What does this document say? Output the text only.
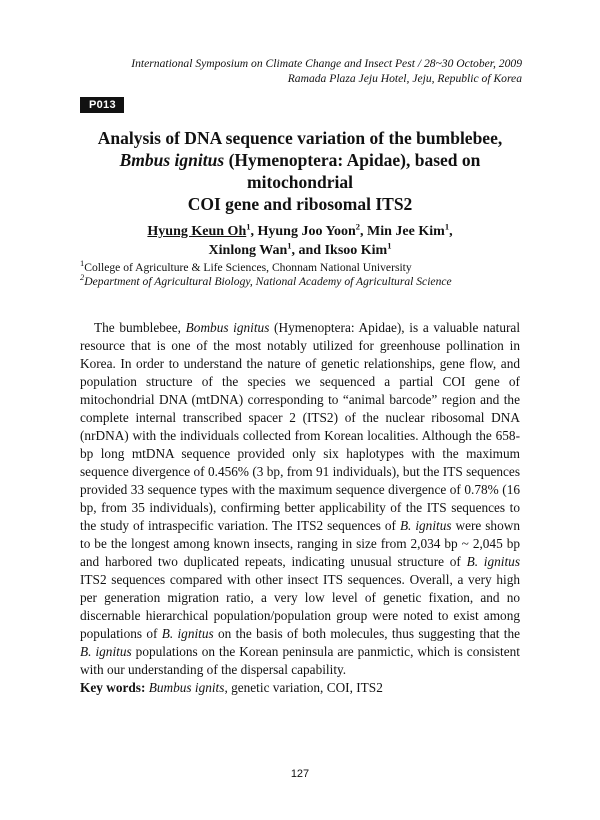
International Symposium on Climate Change and Insect Pest / 28~30 October, 2009
Ramada Plaza Jeju Hotel, Jeju, Republic of Korea
P013
Analysis of DNA sequence variation of the bumblebee,
Bmbus ignitus (Hymenoptera: Apidae), based on mitochondrial
COI gene and ribosomal ITS2
Hyung Keun Oh$^1$, Hyung Joo Yoon$^2$, Min Jee Kim$^1$,
Xinlong Wan$^1$, and Iksoo Kim$^1$
$^1$College of Agriculture & Life Sciences, Chonnam National University
$^2$Department of Agricultural Biology, National Academy of Agricultural Science

The bumblebee, Bombus ignitus (Hymenoptera: Apidae), is a valuable natural resource that is one of the most notably utilized for greenhouse pollination in Korea. In order to understand the nature of genetic relationships, gene flow, and population structure of the species we sequenced a partial COI gene of mitochondrial DNA (mtDNA) corresponding to “animal barcode” region and the complete internal transcribed spacer 2 (ITS2) of the nuclear ribosomal DNA (nrDNA) with the individuals collected from Korean localities. Although the 658-bp long mtDNA sequence provided only six haplotypes with the maximum sequence divergence of 0.456% (3 bp, from 91 individuals), but the ITS sequences provided 33 sequence types with the maximum sequence divergence of 0.78% (16 bp, from 35 individuals), confirming better applicability of the ITS sequences to the study of intraspecific variation. The ITS2 sequences of B. ignitus were shown to be the longest among known insects, ranging in size from 2,034 bp ~ 2,045 bp and harbored two duplicated repeats, indicating unusual structure of B. ignitus ITS2 sequences compared with other insect ITS sequences. Overall, a very high per generation migration ratio, a very low level of genetic fixation, and no discernable hierarchical population/population group were noted to exist among populations of B. ignitus on the basis of both molecules, thus suggesting that the B. ignitus populations on the Korean peninsula are panmictic, which is consistent with our understanding of the dispersal capability.

Key words: Bumbus ignits, genetic variation, COI, ITS2
127
